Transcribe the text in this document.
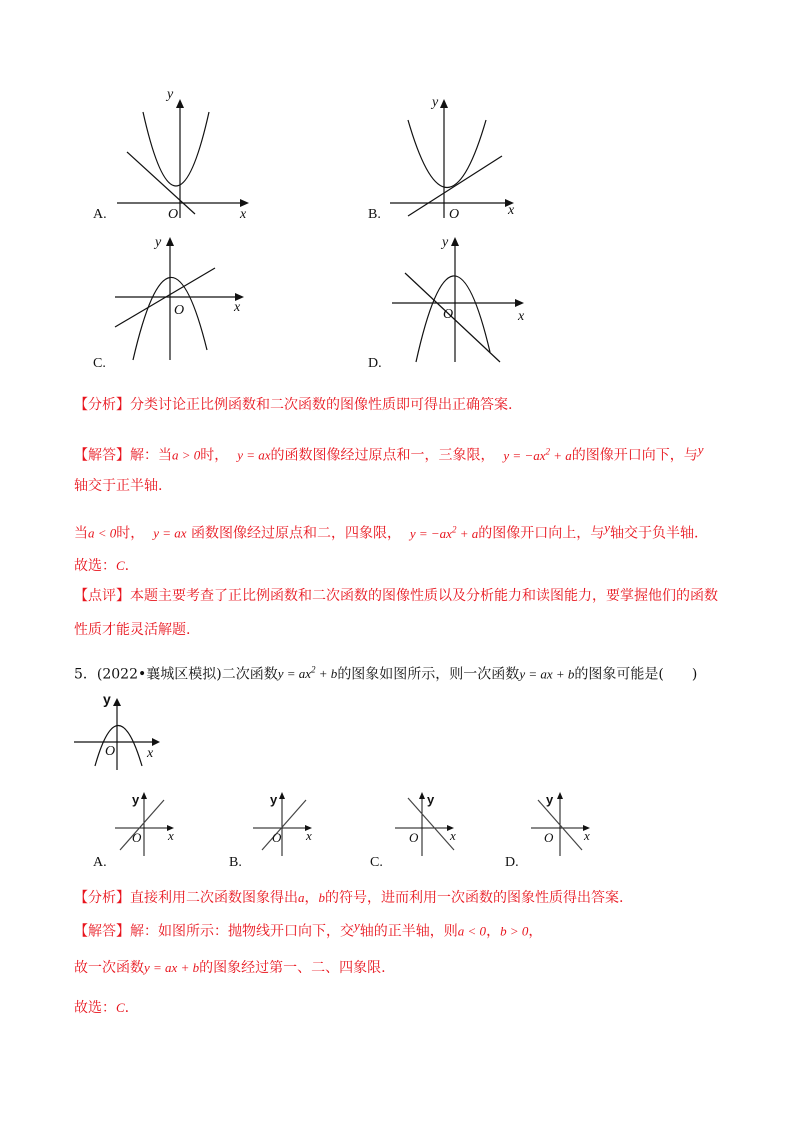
y
O	x
A.
y
O	x
B.
y
O	x
C.
y
O	x
D.
【分析】分类讨论正比例函数和二次函数的图像性质即可得出正确答案.
【解答】解：当a > 0时， y = ax的函数图像经过原点和一，三象限， $y = -ax^2 + a$的图像开口向下，与$^y$
轴交于正半轴.
当a < 0时， y = ax 函数图像经过原点和二，四象限， $y = -ax^2 + a$的图像开口向上，与$^y$轴交于负半轴.
故选：C.
【点评】本题主要考查了正比例函数和二次函数的图像性质以及分析能力和读图能力，要掌握他们的函数
性质才能灵活解题.
5．(2022•襄城区模拟)二次函数$y = ax^2 + b$的图象如图所示，则一次函数y = ax + b的图象可能是(　　)
y
O x
y
O x
A.
y
O x
B.
y
O x
C.
y
O x
D.
【分析】直接利用二次函数图象得出a，b的符号，进而利用一次函数的图象性质得出答案.
【解答】解：如图所示：抛物线开口向下，交$^y$轴的正半轴，则a < 0，b > 0，
故一次函数y = ax + b的图象经过第一、二、四象限.
故选：C.
